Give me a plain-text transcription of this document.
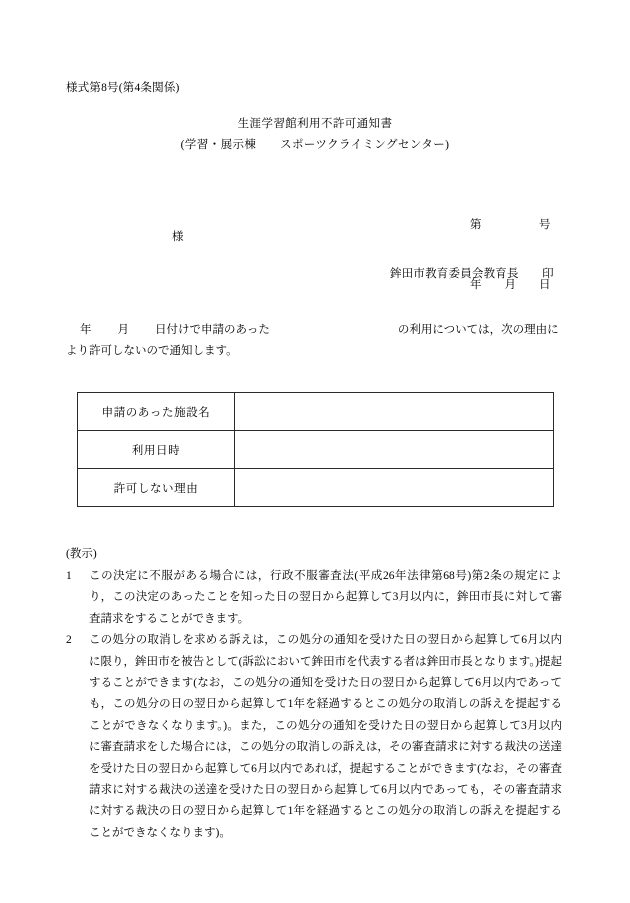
様式第8号(第4条関係)
生涯学習館利用不許可通知書
(学習・展示棟　　スポーツクライミングセンター)

第　　　　　号

年　　月　　日

様
鉾田市教育委員会教育長　　印
年 月 日付けで申請のあった	の利用については，次の理由により許可しないので通知します。
申請のあった施設名	
利用日時	
許可しない理由	
(教示)
1	この決定に不服がある場合には，行政不服審査法(平成26年法律第68号)第2条の規定により，この決定のあったことを知った日の翌日から起算して3月以内に，鉾田市長に対して審査請求をすることができます。
2	この処分の取消しを求める訴えは，この処分の通知を受けた日の翌日から起算して6月以内に限り，鉾田市を被告として(訴訟において鉾田市を代表する者は鉾田市長となります。)提起することができます(なお，この処分の通知を受けた日の翌日から起算して6月以内であっても，この処分の日の翌日から起算して1年を経過するとこの処分の取消しの訴えを提起することができなくなります。)。また，この処分の通知を受けた日の翌日から起算して3月以内に審査請求をした場合には，この処分の取消しの訴えは，その審査請求に対する裁決の送達を受けた日の翌日から起算して6月以内であれば，提起することができます(なお，その審査請求に対する裁決の送達を受けた日の翌日から起算して6月以内であっても，その審査請求に対する裁決の日の翌日から起算して1年を経過するとこの処分の取消しの訴えを提起することができなくなります)。
